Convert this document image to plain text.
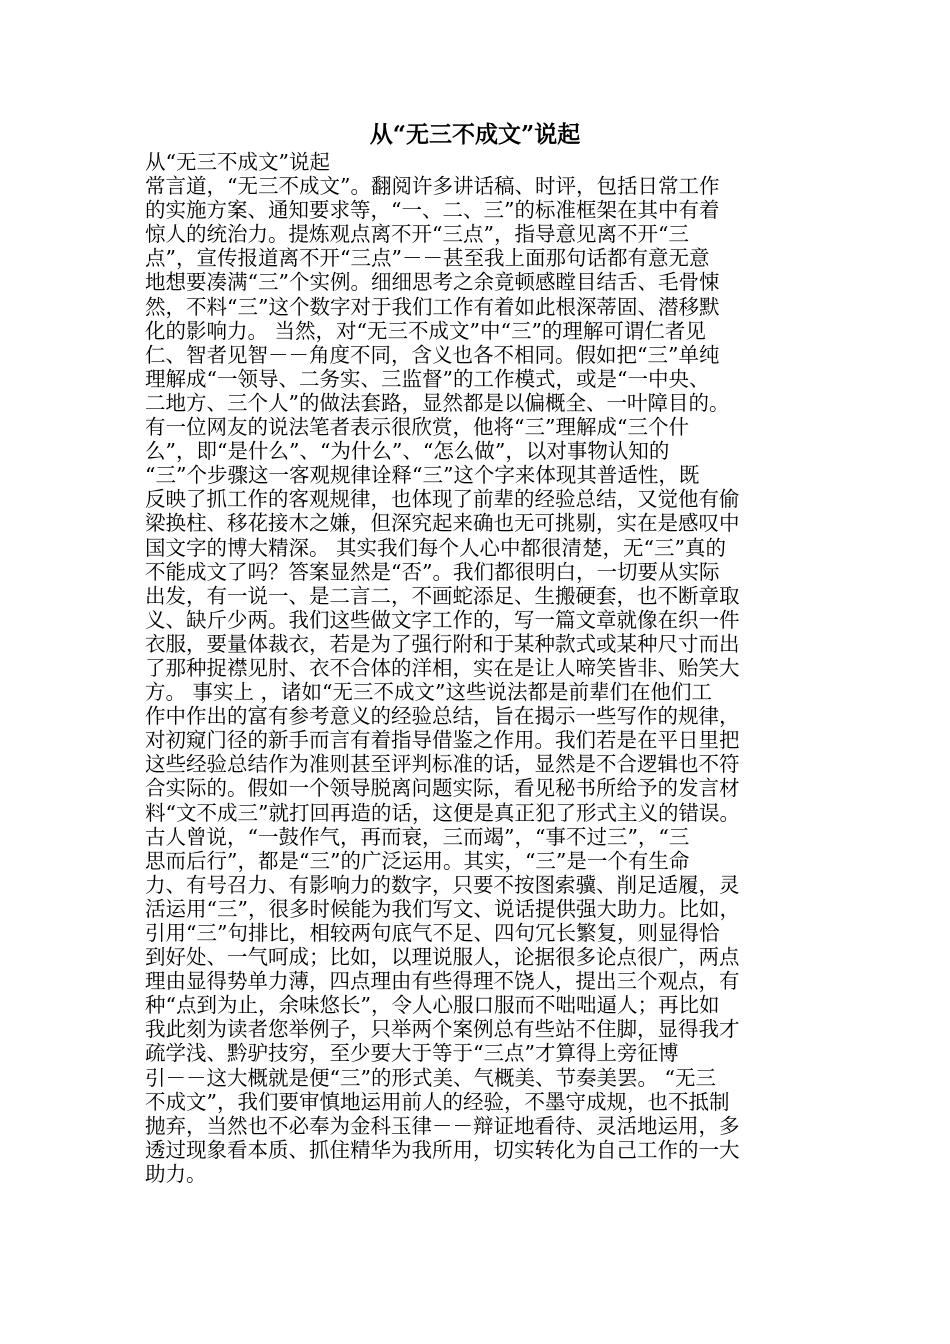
从“无三不成文”说起
从“无三不成文”说起
常言道，“无三不成文”。翻阅许多讲话稿、时评，包括日常工作
的实施方案、通知要求等，“一、二、三”的标准框架在其中有着
惊人的统治力。提炼观点离不开“三点”，指导意见离不开“三
点”，宣传报道离不开“三点”－－甚至我上面那句话都有意无意
地想要凑满“三”个实例。细细思考之余竟顿感瞠目结舌、毛骨悚
然，不料“三”这个数字对于我们工作有着如此根深蒂固、潜移默
化的影响力。 当然，对“无三不成文”中“三”的理解可谓仁者见
仁、智者见智－－角度不同，含义也各不相同。假如把“三”单纯
理解成“一领导、二务实、三监督”的工作模式，或是“一中央、
二地方、三个人”的做法套路，显然都是以偏概全、一叶障目的。
有一位网友的说法笔者表示很欣赏，他将“三”理解成“三个什
么”，即“是什么”、“为什么”、“怎么做”，以对事物认知的
“三”个步骤这一客观规律诠释“三”这个字来体现其普适性，既
反映了抓工作的客观规律，也体现了前辈的经验总结，又觉他有偷
梁换柱、移花接木之嫌，但深究起来确也无可挑剔，实在是感叹中
国文字的博大精深。 其实我们每个人心中都很清楚，无“三”真的
不能成文了吗？答案显然是“否”。我们都很明白，一切要从实际
出发，有一说一、是二言二，不画蛇添足、生搬硬套，也不断章取
义、缺斤少两。我们这些做文字工作的，写一篇文章就像在织一件
衣服，要量体裁衣，若是为了强行附和于某种款式或某种尺寸而出
了那种捉襟见肘、衣不合体的洋相，实在是让人啼笑皆非、贻笑大
方。 事实上 ，诸如“无三不成文”这些说法都是前辈们在他们工
作中作出的富有参考意义的经验总结，旨在揭示一些写作的规律，
对初窥门径的新手而言有着指导借鉴之作用。我们若是在平日里把
这些经验总结作为准则甚至评判标准的话，显然是不合逻辑也不符
合实际的。假如一个领导脱离问题实际，看见秘书所给予的发言材
料“文不成三”就打回再造的话，这便是真正犯了形式主义的错误。
古人曾说，“一鼓作气，再而衰，三而竭”，“事不过三”，“三
思而后行”，都是“三”的广泛运用。其实，“三”是一个有生命
力、有号召力、有影响力的数字，只要不按图索骥、削足适履，灵
活运用“三”，很多时候能为我们写文、说话提供强大助力。比如，
引用“三”句排比，相较两句底气不足、四句冗长繁复，则显得恰
到好处、一气呵成；比如，以理说服人，论据很多论点很广，两点
理由显得势单力薄，四点理由有些得理不饶人，提出三个观点，有
种“点到为止，余味悠长”，令人心服口服而不咄咄逼人；再比如
我此刻为读者您举例子，只举两个案例总有些站不住脚，显得我才
疏学浅、黔驴技穷，至少要大于等于“三点”才算得上旁征博
引－－这大概就是便“三”的形式美、气概美、节奏美罢。 “无三
不成文”，我们要审慎地运用前人的经验，不墨守成规，也不抵制
抛弃，当然也不必奉为金科玉律－－辩证地看待、灵活地运用，多
透过现象看本质、抓住精华为我所用，切实转化为自己工作的一大
助力。
